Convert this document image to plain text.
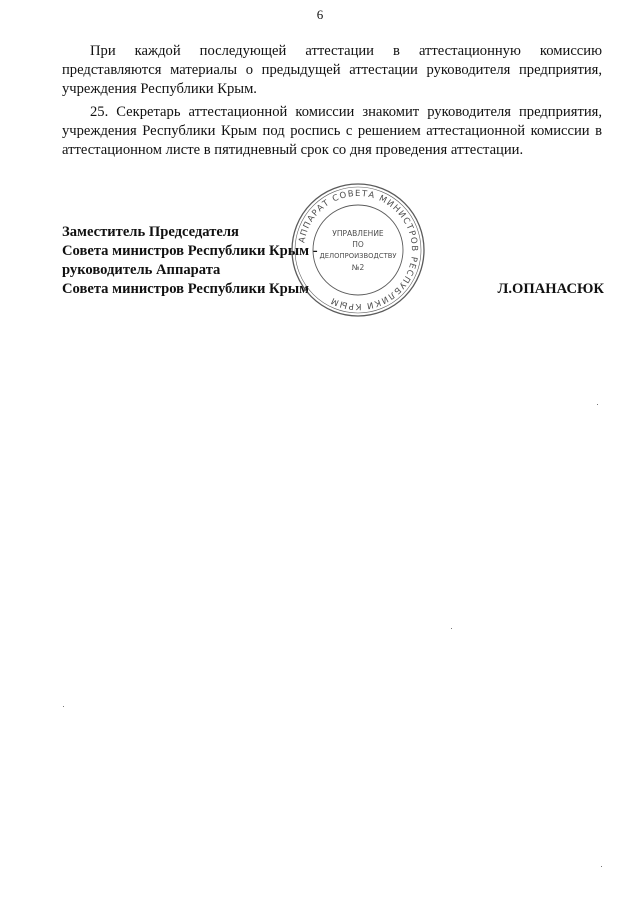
6

При каждой последующей аттестации в аттестационную комиссию представляются материалы о предыдущей аттестации руководителя предприятия, учреждения Республики Крым.

25. Секретарь аттестационной комиссии знакомит руководителя предприятия, учреждения Республики Крым под роспись с решением аттестационной комиссии в аттестационном листе в пятидневный срок со дня проведения аттестации.

Заместитель Председателя
Совета министров Республики Крым -
руководитель Аппарата
Совета министров Республики Крым	Л.ОПАНАСЮК
АППАРАТ СОВЕТА МИНИСТРОВ РЕСПУБЛИКИ КРЫМ
УПРАВЛЕНИЕ
ПО
ДЕЛОПРОИЗВОДСТВУ
№2
